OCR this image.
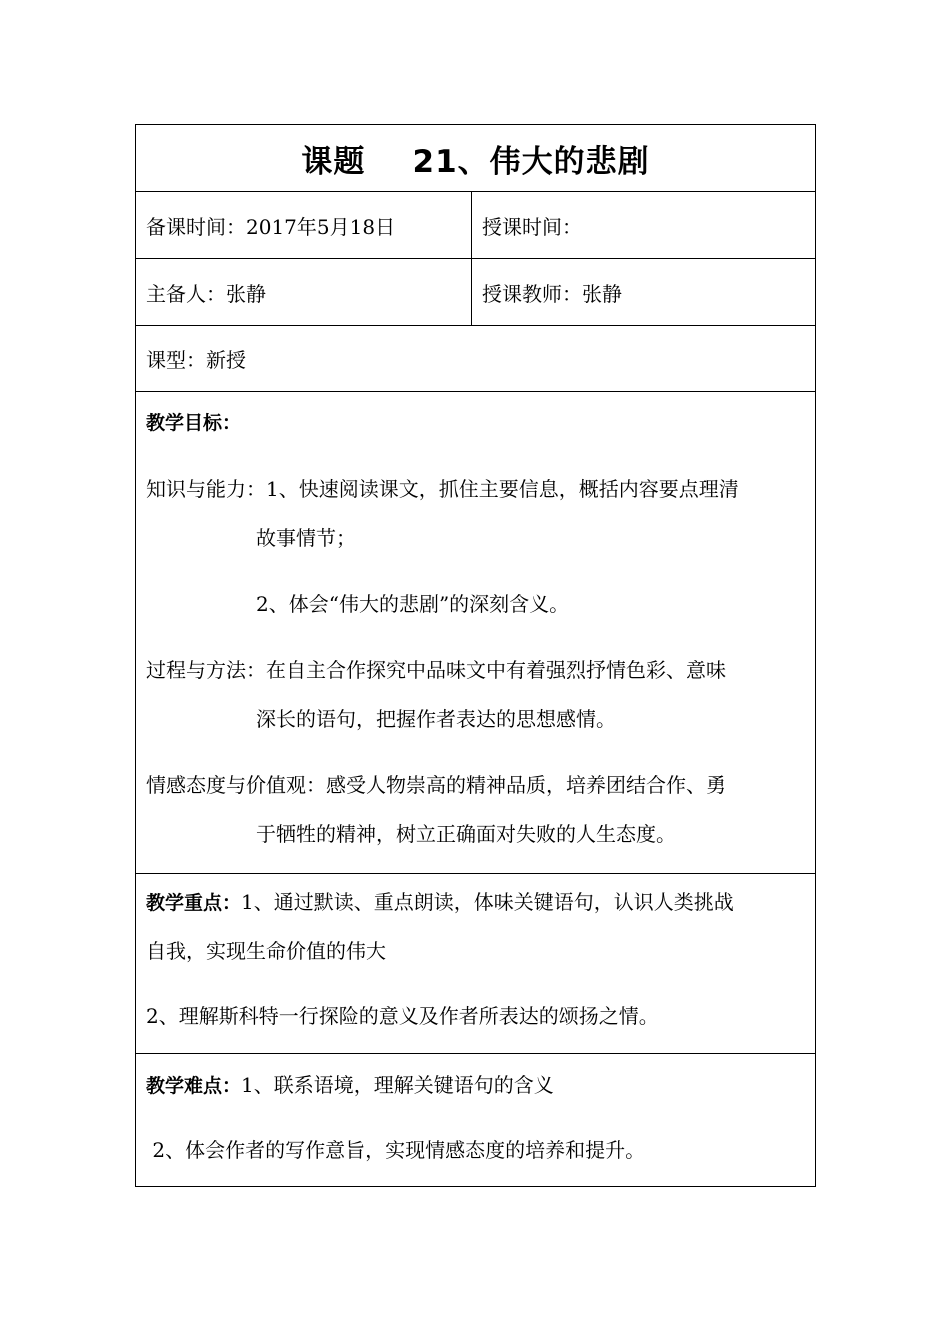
课题    21、伟大的悲剧
备课时间：2017年5月18日	授课时间：
主备人：张静	授课教师：张静
课型：新授
教学目标：
知识与能力：1、快速阅读课文，抓住主要信息，概括内容要点理清
故事情节；
2、体会“伟大的悲剧”的深刻含义。
过程与方法：在自主合作探究中品味文中有着强烈抒情色彩、意味
深长的语句，把握作者表达的思想感情。
情感态度与价值观：感受人物崇高的精神品质，培养团结合作、勇
于牺牲的精神，树立正确面对失败的人生态度。
教学重点：1、通过默读、重点朗读，体味关键语句，认识人类挑战
自我，实现生命价值的伟大
2、理解斯科特一行探险的意义及作者所表达的颂扬之情。
教学难点：1、联系语境，理解关键语句的含义
2、体会作者的写作意旨，实现情感态度的培养和提升。
